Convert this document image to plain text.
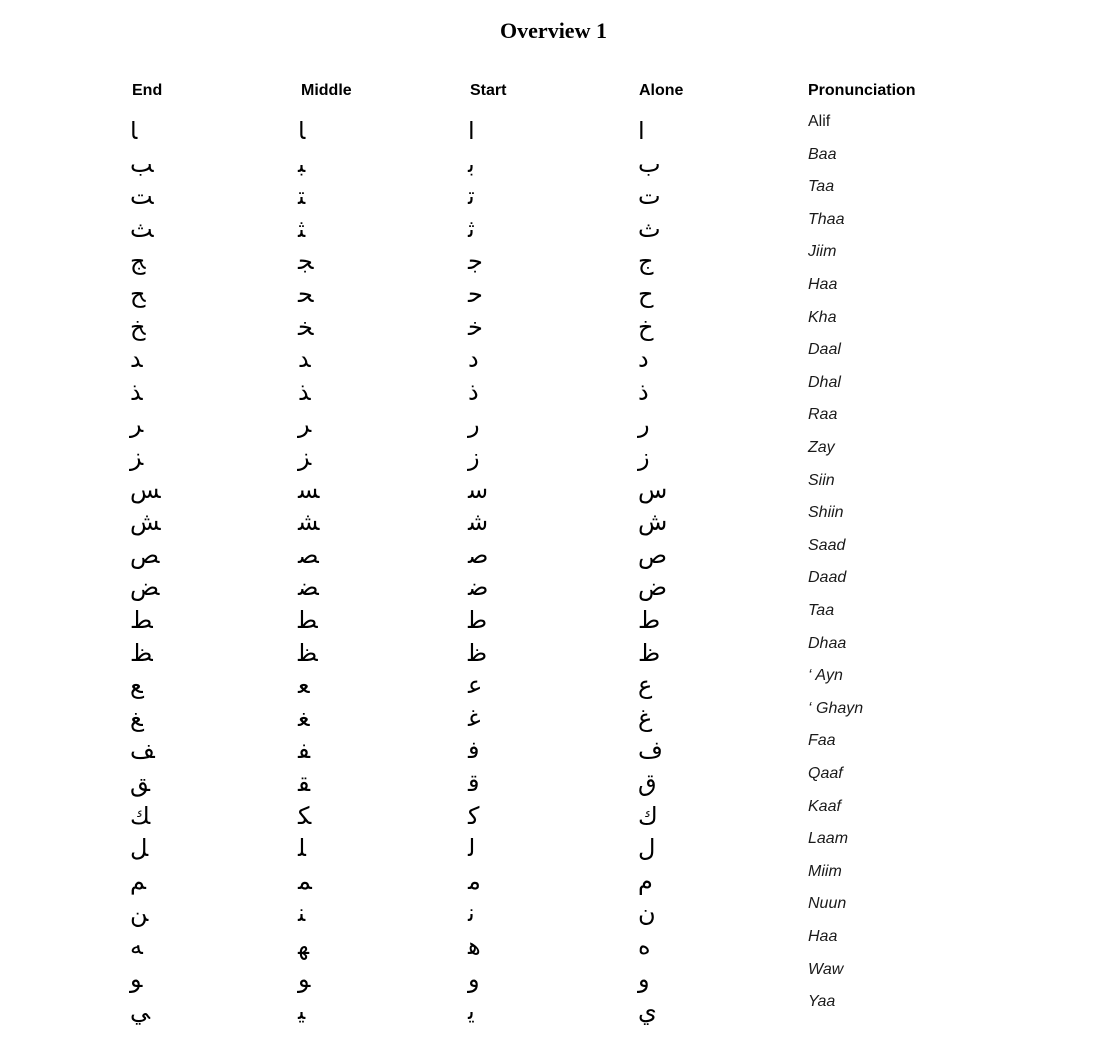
Overview 1
End	Middle	Start	Alone	Pronunciation
ﺎ	ﺎ	ﺍ	ﺍ	Alif
ﺐ	ﺒ	ﺑ	ﺏ	Baa
ﺖ	ﺘ	ﺗ	ﺕ	Taa
ﺚ	ﺜ	ﺛ	ﺙ	Thaa
ﺞ	ﺠ	ﺟ	ﺝ	Jiim
ﺢ	ﺤ	ﺣ	ﺡ	Haa
ﺦ	ﺨ	ﺧ	ﺥ	Kha
ﺪ	ﺪ	ﺩ	ﺩ	Daal
ﺬ	ﺬ	ﺫ	ﺫ	Dhal
ﺮ	ﺮ	ﺭ	ﺭ	Raa
ﺰ	ﺰ	ﺯ	ﺯ	Zay
ﺲ	ﺴ	ﺳ	ﺱ	Siin
ﺶ	ﺸ	ﺷ	ﺵ	Shiin
ﺺ	ﺼ	ﺻ	ﺹ	Saad
ﺾ	ﻀ	ﺿ	ﺽ	Daad
ﻂ	ﻄ	ﻃ	ﻁ	Taa
ﻆ	ﻈ	ﻇ	ﻅ	Dhaa
ﻊ	ﻌ	ﻋ	ﻉ	‘ Ayn
ﻎ	ﻐ	ﻏ	ﻍ	‘ Ghayn
ﻒ	ﻔ	ﻓ	ﻑ	Faa
ﻖ	ﻘ	ﻗ	ﻕ	Qaaf
ﻚ	ﻜ	ﻛ	ﻙ	Kaaf
ﻞ	ﻠ	ﻟ	ﻝ	Laam
ﻢ	ﻤ	ﻣ	ﻡ	Miim
ﻦ	ﻨ	ﻧ	ﻥ	Nuun
ﻪ	ﻬ	ﻫ	ﻩ	Haa
ﻮ	ﻮ	ﻭ	ﻭ	Waw
ﻲ	ﻴ	ﻳ	ﻱ	Yaa
